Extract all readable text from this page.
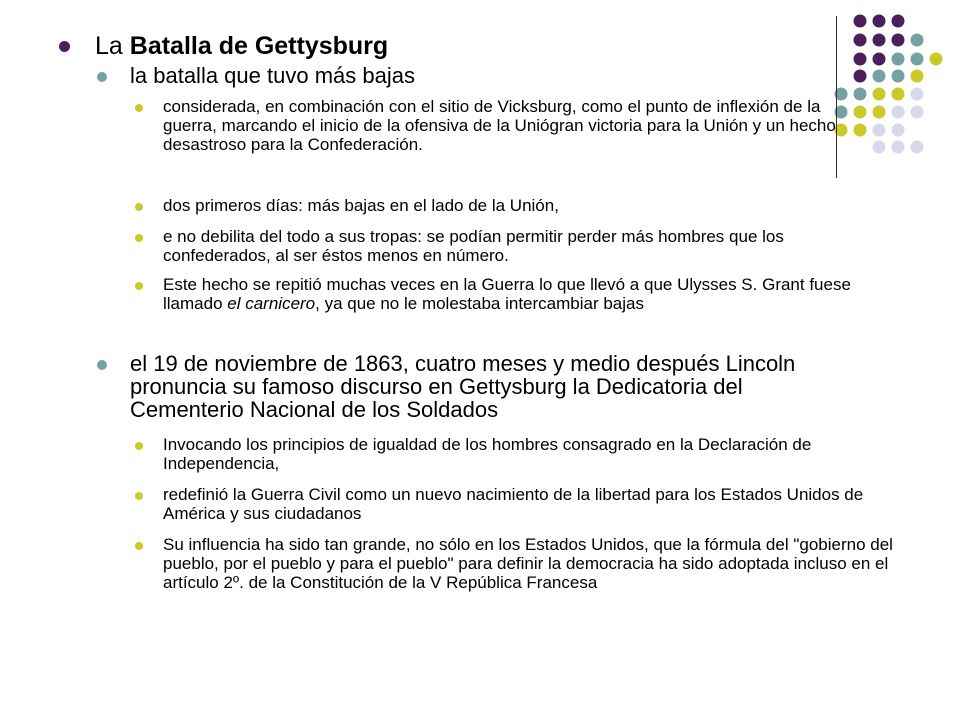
La Batalla de Gettysburg
la batalla que tuvo más bajas
considerada, en combinación con el sitio de Vicksburg, como el punto de inflexión de la guerra, marcando el inicio de la ofensiva de la Uniógran victoria para la Unión y un hecho desastroso para la Confederación.
dos primeros días: más bajas en el lado de la Unión,
e no debilita del todo a sus tropas: se podían permitir perder más hombres que los confederados, al ser éstos menos en número.
Este hecho se repitió muchas veces en la Guerra lo que llevó a que Ulysses S. Grant fuese llamado el carnicero, ya que no le molestaba intercambiar bajas
el 19 de noviembre de 1863, cuatro meses y medio después Lincoln pronuncia su famoso discurso en Gettysburg la Dedicatoria del Cementerio Nacional de los Soldados
Invocando los principios de igualdad de los hombres consagrado en la Declaración de Independencia,
redefinió la Guerra Civil como un nuevo nacimiento de la libertad para los Estados Unidos de América y sus ciudadanos
Su influencia ha sido tan grande, no sólo en los Estados Unidos, que la fórmula del "gobierno del pueblo, por el pueblo y para el pueblo" para definir la democracia ha sido adoptada incluso en el artículo 2º. de la Constitución de la V República Francesa
